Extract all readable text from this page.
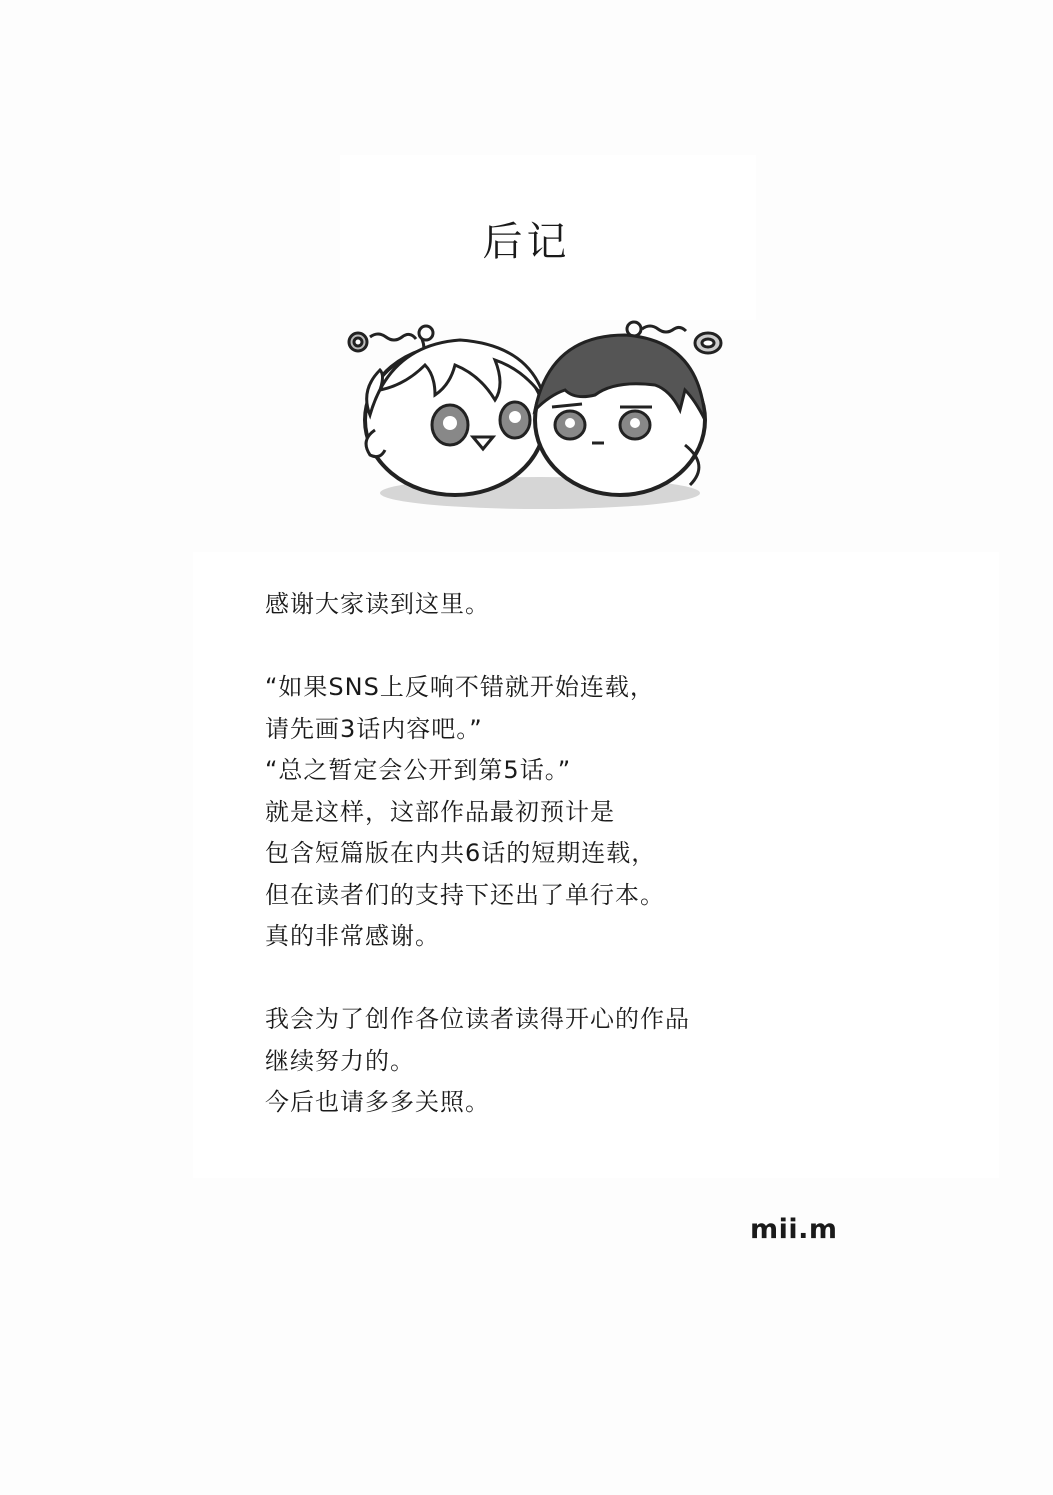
后记
感谢大家读到这里。
“如果SNS上反响不错就开始连载，
请先画3话内容吧。”
“总之暂定会公开到第5话。”
就是这样，这部作品最初预计是
包含短篇版在内共6话的短期连载，
但在读者们的支持下还出了单行本。
真的非常感谢。
我会为了创作各位读者读得开心的作品
继续努力的。
今后也请多多关照。
mii.m
